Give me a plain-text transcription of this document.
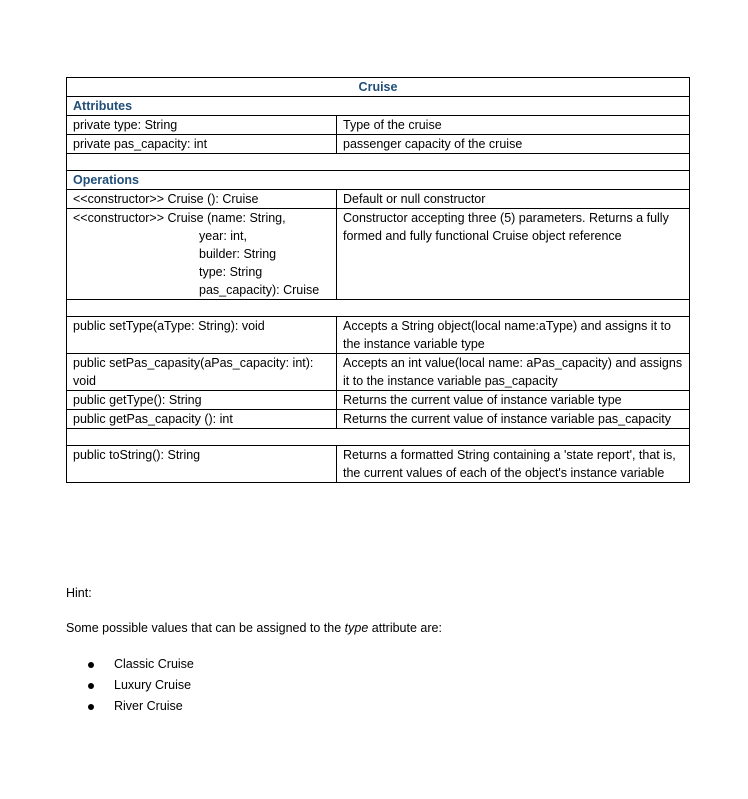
Cruise	
Attributes	
private type: String	Type of the cruise
private pas_capacity: int	passenger capacity of the cruise

Operations	
<<constructor>> Cruise (): Cruise	Default or null constructor
<<constructor>> Cruise (name: String,
year: int,
builder: String
type: String
pas_capacity): Cruise	Constructor accepting three (5) parameters. Returns a fully formed and fully functional Cruise object reference

public setType(aType: String): void	Accepts a String object(local name:aType) and assigns it to the instance variable type
public setPas_capasity(aPas_capacity: int): void	Accepts an int value(local name: aPas_capacity) and assigns it to the instance variable pas_capacity
public getType(): String	Returns the current value of instance variable type
public getPas_capacity (): int	Returns the current value of instance variable pas_capacity

public toString(): String	Returns a formatted String containing a 'state report', that is, the current values of each of the object's instance variable

Hint:

Some possible values that can be assigned to the type attribute are:

Classic Cruise
Luxury Cruise
River Cruise
